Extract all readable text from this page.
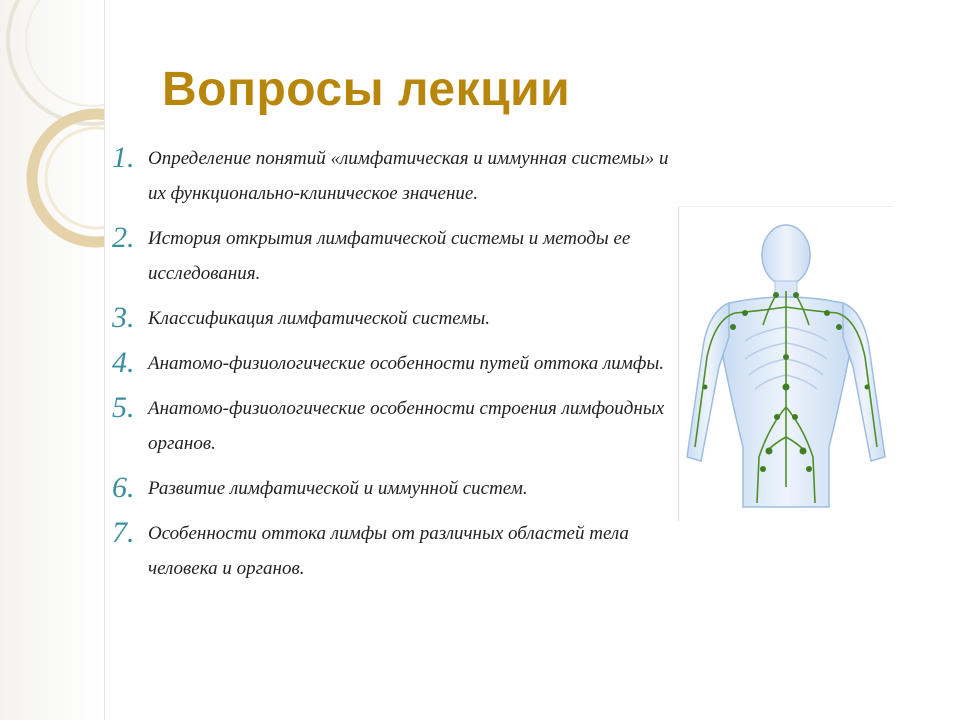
Вопросы лекции
1. Определение понятий «лимфатическая и иммунная системы» и их функционально-клиническое значение.
2. История открытия лимфатической системы и методы ее исследования.
3. Классификация лимфатической системы.
4. Анатомо-физиологические особенности путей оттока лимфы.
5. Анатомо-физиологические особенности строения лимфоидных органов.
6. Развитие лимфатической и иммунной систем.
7. Особенности оттока лимфы от различных областей тела человека и органов.
